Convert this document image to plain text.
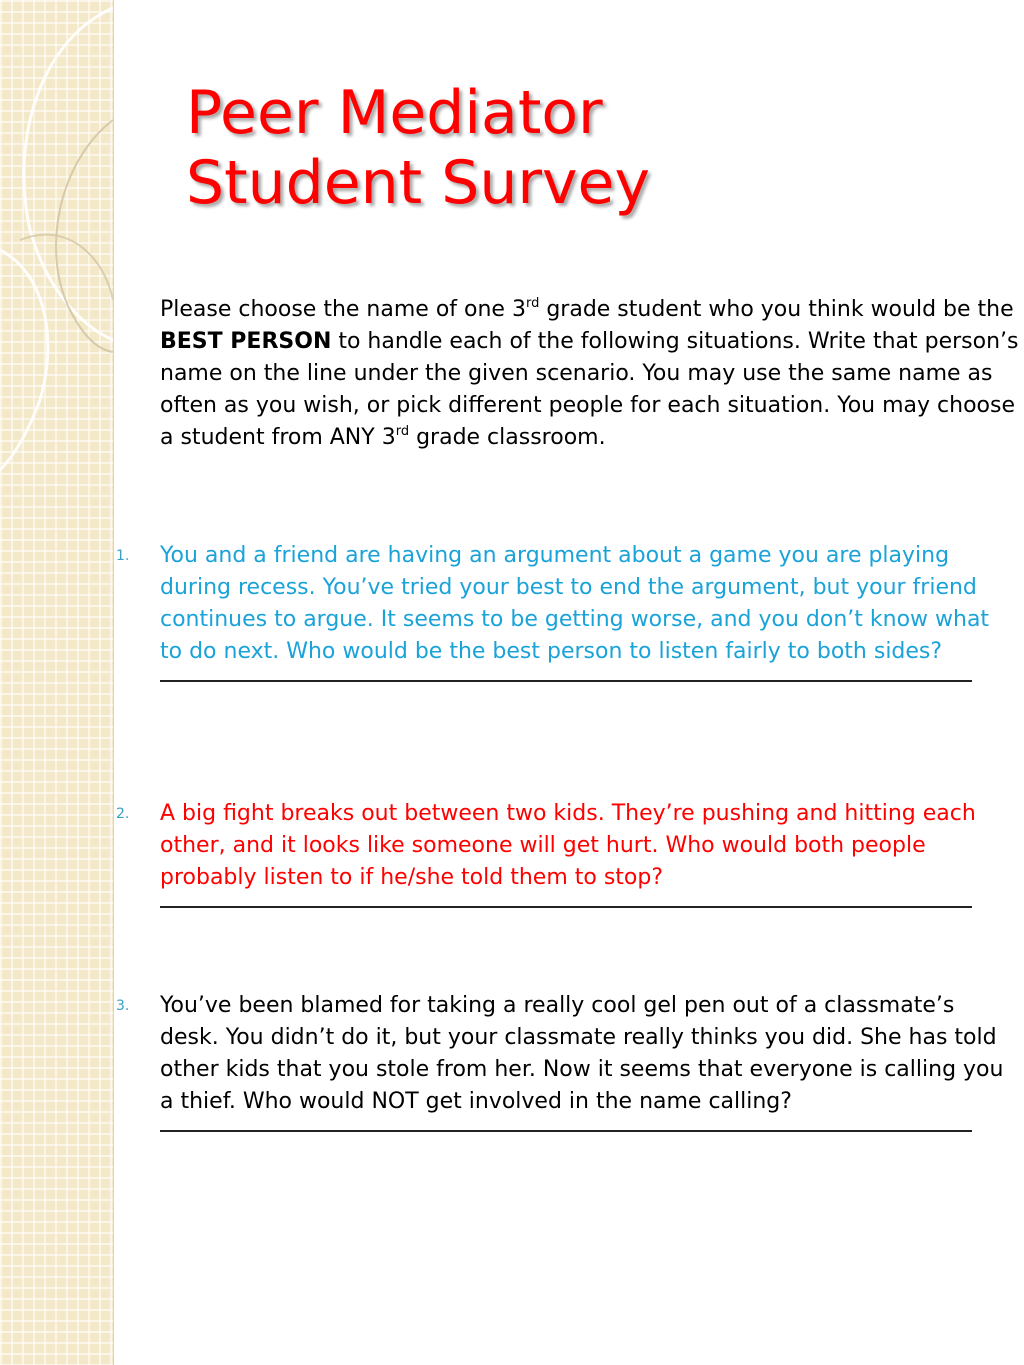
Peer Mediator
Student Survey

Please choose the name of one 3rd grade student who you think would be the BEST PERSON to handle each of the following situations. Write that person’s name on the line under the given scenario. You may use the same name as often as you wish, or pick different people for each situation. You may choose a student from ANY 3rd grade classroom.

1. You and a friend are having an argument about a game you are playing during recess. You’ve tried your best to end the argument, but your friend continues to argue. It seems to be getting worse, and you don’t know what to do next. Who would be the best person to listen fairly to both sides?

2. A big fight breaks out between two kids. They’re pushing and hitting each other, and it looks like someone will get hurt. Who would both people probably listen to if he/she told them to stop?

3. You’ve been blamed for taking a really cool gel pen out of a classmate’s desk. You didn’t do it, but your classmate really thinks you did. She has told other kids that you stole from her. Now it seems that everyone is calling you a thief. Who would NOT get involved in the name calling?
